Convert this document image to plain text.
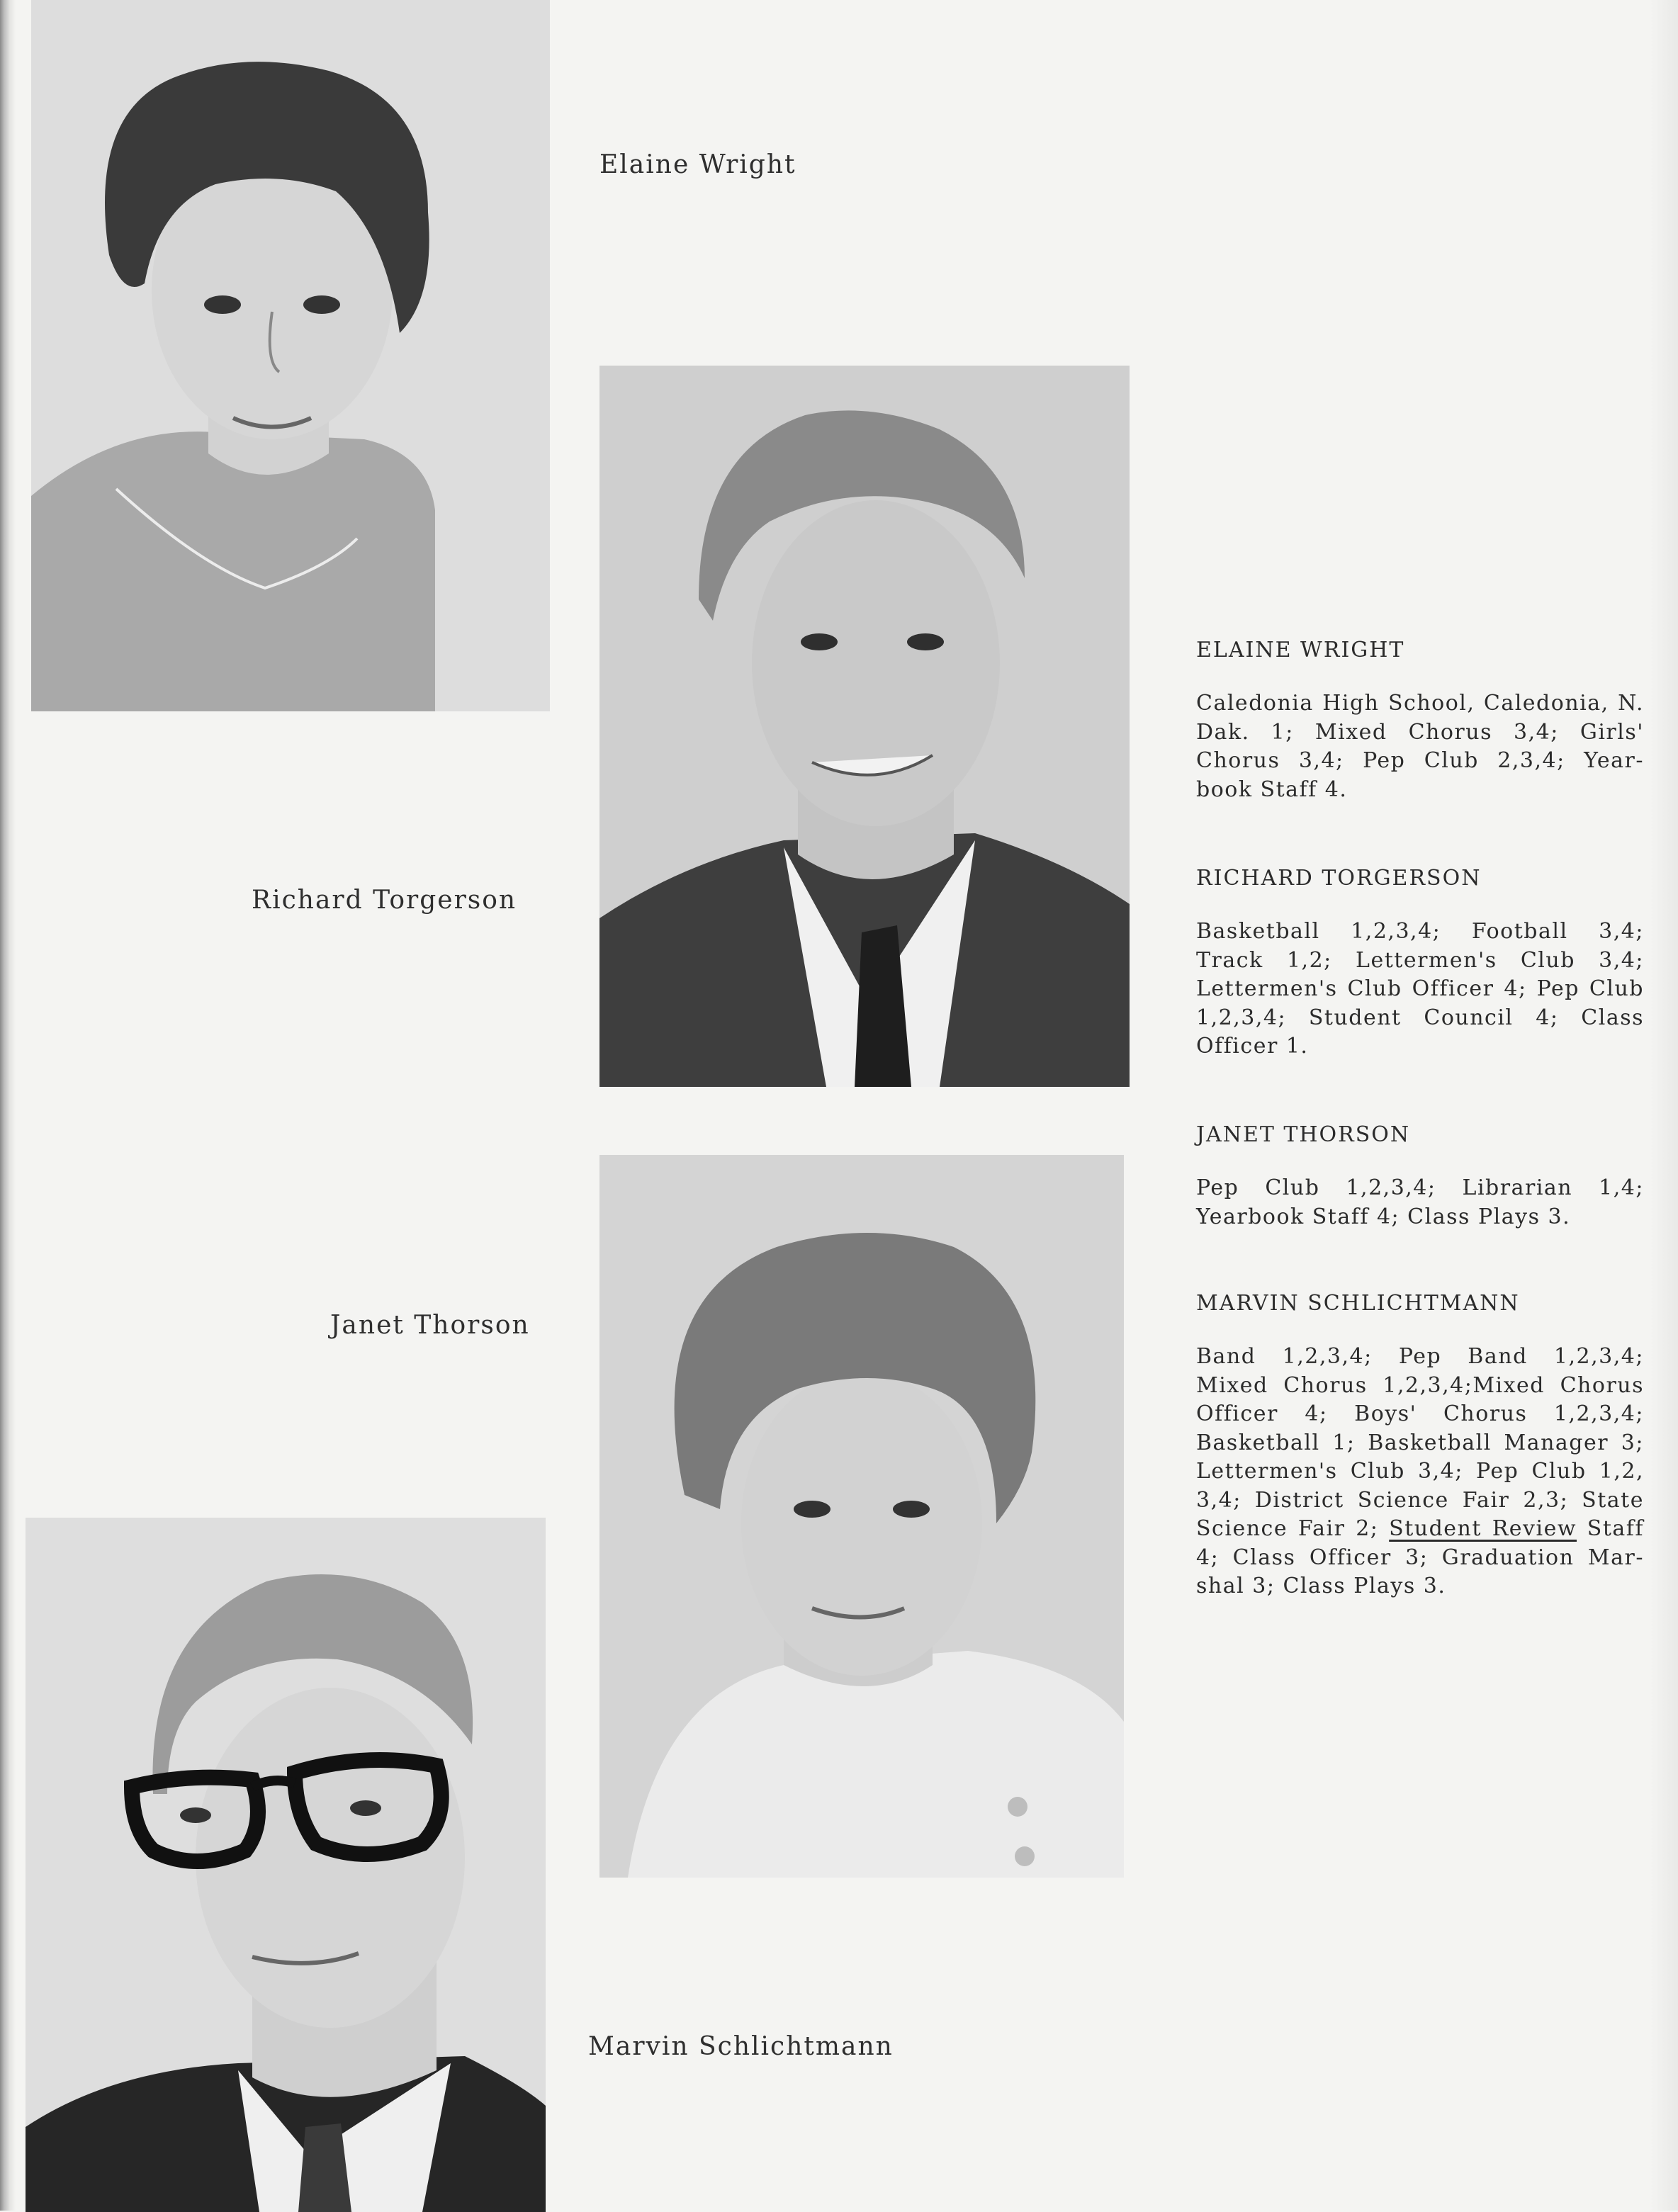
Elaine Wright
Richard Torgerson
Janet Thorson
Marvin Schlichtmann

ELAINE WRIGHT

Caledonia High School, Caledonia, N. Dak. 1; Mixed Chorus 3,4; Girls' Chorus 3,4; Pep Club 2,3,4; Year-book Staff 4.

RICHARD TORGERSON

Basketball 1,2,3,4; Football 3,4; Track 1,2; Lettermen's Club 3,4; Lettermen's Club Officer 4; Pep Club 1,2,3,4; Student Council 4; Class Officer 1.

JANET THORSON

Pep Club 1,2,3,4; Librarian 1,4; Yearbook Staff 4; Class Plays 3.

MARVIN SCHLICHTMANN

Band 1,2,3,4; Pep Band 1,2,3,4; Mixed Chorus 1,2,3,4;Mixed Chorus Officer 4; Boys' Chorus 1,2,3,4; Basketball 1; Basketball Manager 3; Lettermen's Club 3,4; Pep Club 1,2, 3,4; District Science Fair 2,3; State Science Fair 2; Student Review Staff 4; Class Officer 3; Graduation Mar-shal 3; Class Plays 3.
